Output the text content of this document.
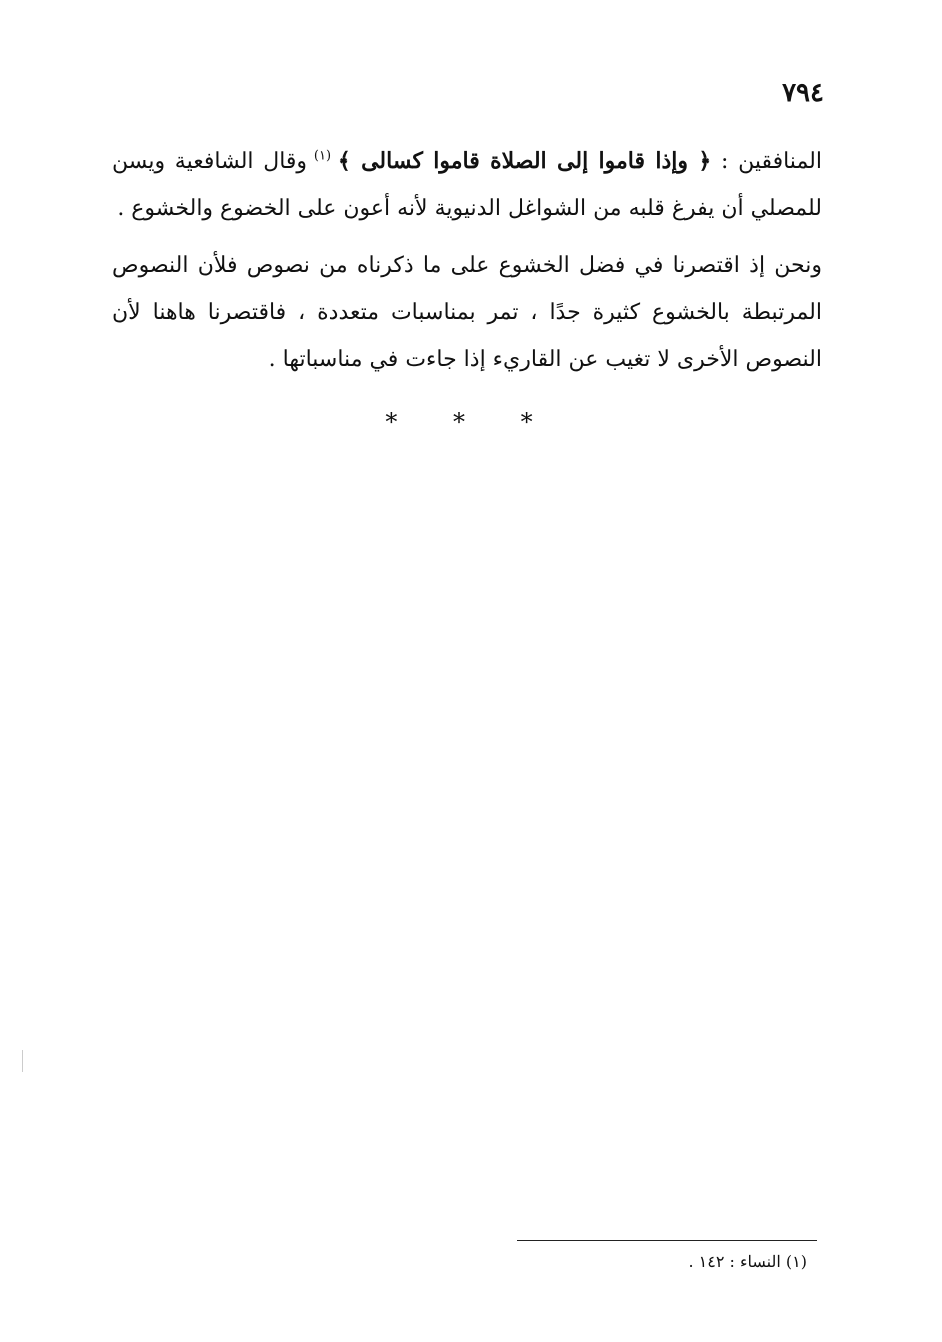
٧٩٤

المنافقين : ﴿ وإذا قاموا إلى الصلاة قاموا كسالى ﴾ $^{(١)}$ وقال الشافعية ويسن للمصلي أن يفرغ قلبه من الشواغل الدنيوية لأنه أعون على الخضوع والخشوع .

ونحن إذ اقتصرنا في فضل الخشوع على ما ذكرناه من نصوص فلأن النصوص المرتبطة بالخشوع كثيرة جدًا ، تمر بمناسبات متعددة ، فاقتصرنا هاهنا لأن النصوص الأخرى لا تغيب عن القاريء إذا جاءت في مناسباتها .

* * *
(١) النساء : ١٤٢ .
